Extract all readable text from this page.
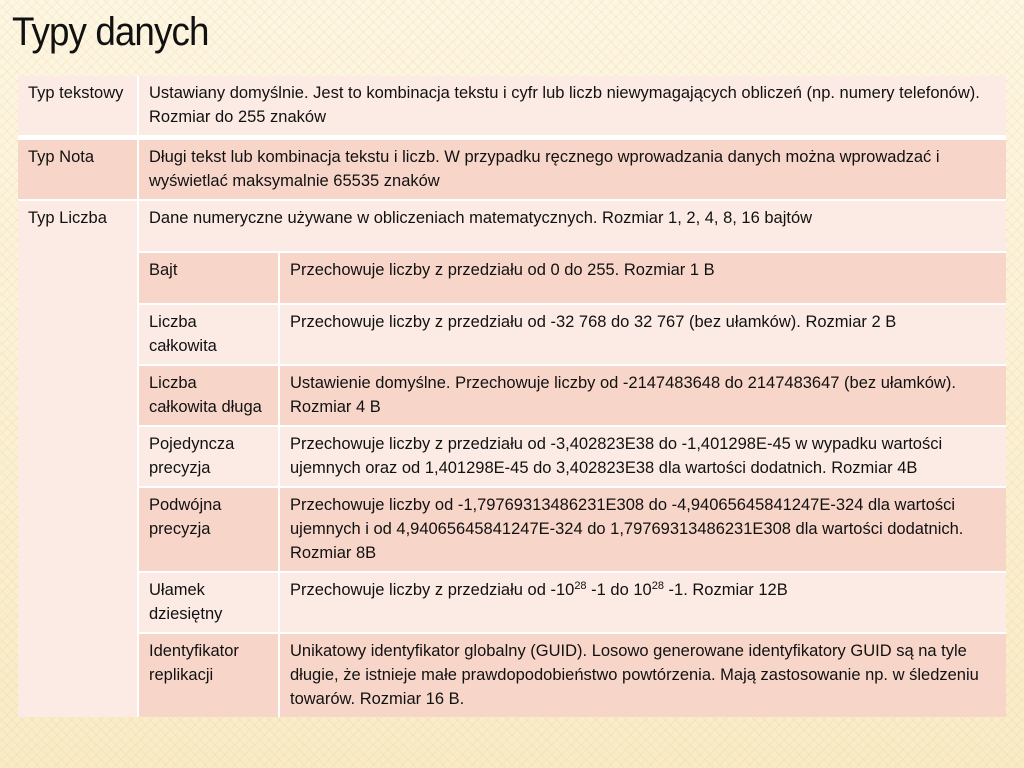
Typy danych
Typ tekstowy	Ustawiany domyślnie. Jest to kombinacja tekstu i cyfr lub liczb niewymagających obliczeń (np. numery telefonów). Rozmiar do 255 znaków	
Typ Nota	Długi tekst lub kombinacja tekstu i liczb. W przypadku ręcznego wprowadzania danych można wprowadzać i wyświetlać maksymalnie 65535 znaków	
Typ Liczba	Dane numeryczne używane w obliczeniach matematycznych. Rozmiar 1, 2, 4, 8, 16 bajtów	
	Bajt	Przechowuje liczby z przedziału od 0 do 255. Rozmiar 1 B
	Liczba całkowita	Przechowuje liczby z przedziału od -32 768 do 32 767 (bez ułamków). Rozmiar 2 B
	Liczba całkowita długa	Ustawienie domyślne. Przechowuje liczby od -2147483648 do 2147483647 (bez ułamków). Rozmiar 4 B
	Pojedyncza precyzja	Przechowuje liczby z przedziału od -3,402823E38 do -1,401298E-45 w wypadku wartości ujemnych oraz od 1,401298E-45 do 3,402823E38 dla wartości dodatnich. Rozmiar 4B
	Podwójna precyzja	Przechowuje liczby od -1,79769313486231E308 do -4,94065645841247E-324 dla wartości ujemnych i od 4,94065645841247E-324 do 1,79769313486231E308 dla wartości dodatnich. Rozmiar 8B
	Ułamek dziesiętny	Przechowuje liczby z przedziału od $-10^{28}$ -1 do $10^{28}$ -1. Rozmiar 12B
	Identyfikator replikacji	Unikatowy identyfikator globalny (GUID). Losowo generowane identyfikatory GUID są na tyle długie, że istnieje małe prawdopodobieństwo powtórzenia. Mają zastosowanie np. w śledzeniu towarów. Rozmiar 16 B.
